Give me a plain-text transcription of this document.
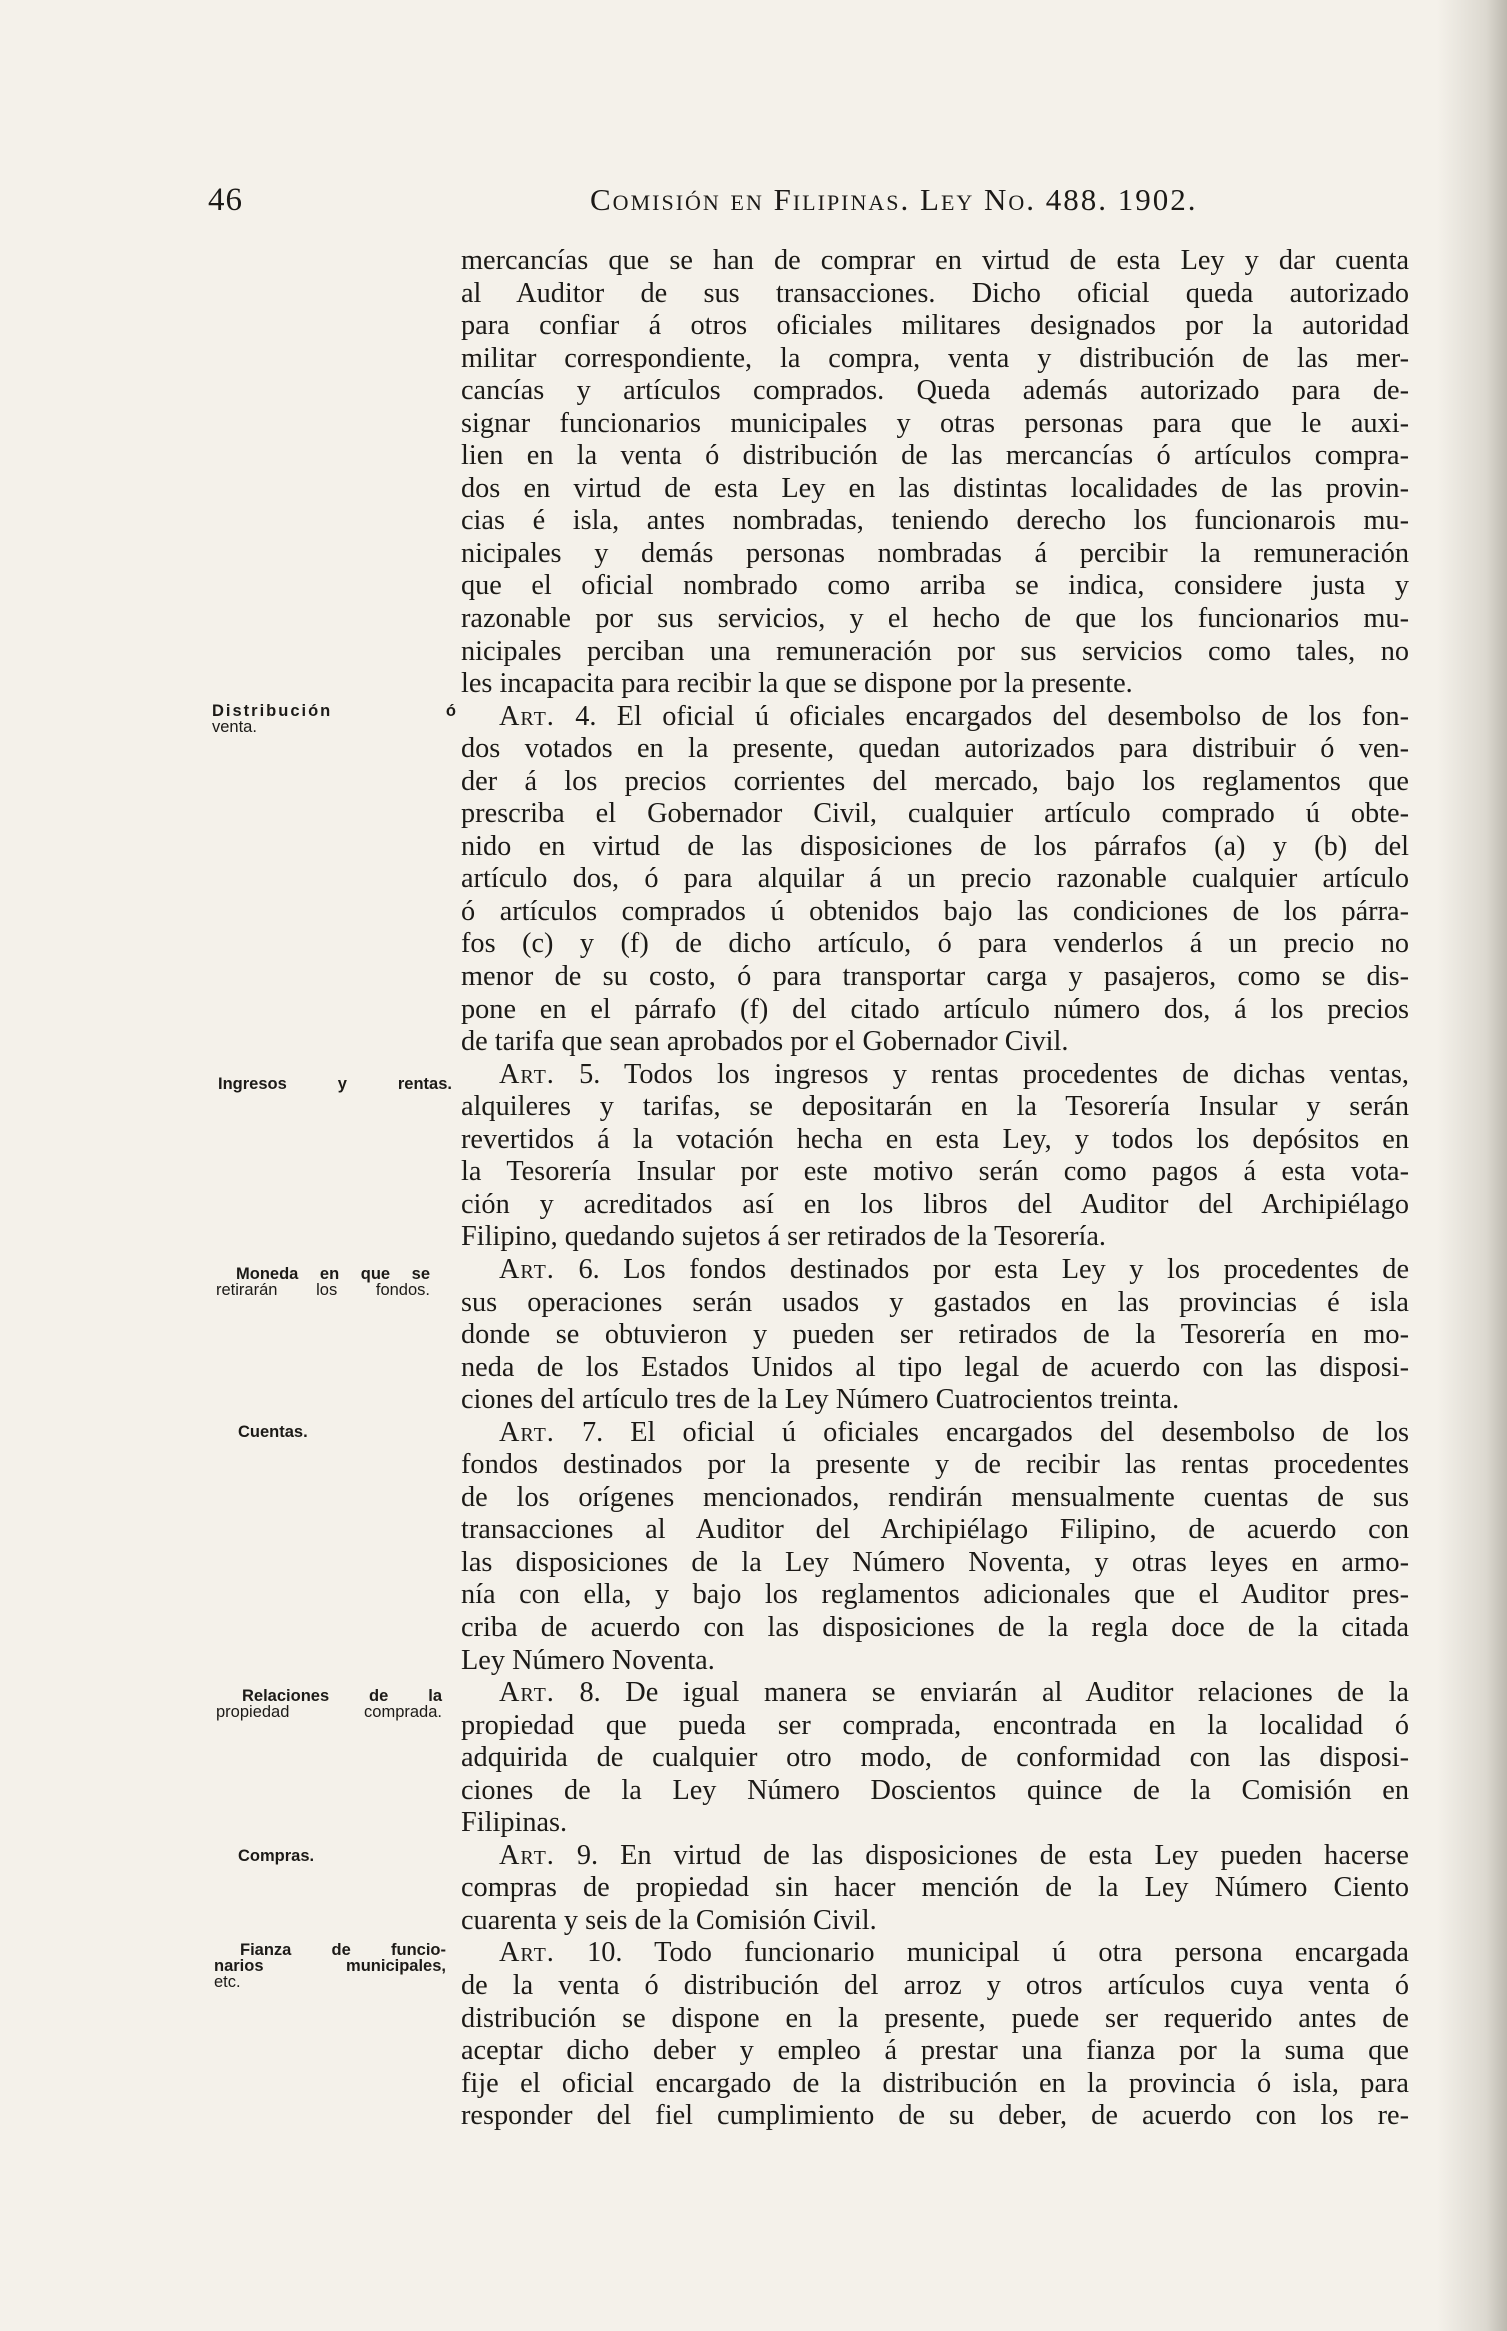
46	Comisión en Filipinas. Ley No. 488. 1902.
Distribución ó
venta.
Ingresos y rentas.
Moneda en que se
retirarán los fondos.
Cuentas.
Relaciones de la
propiedad comprada.
Compras.
Fianza de funcio-
narios municipales,
etc.
mercancías que se han de comprar en virtud de esta Ley y dar cuenta
al Auditor de sus transacciones. Dicho oficial queda autorizado
para confiar á otros oficiales militares designados por la autoridad
militar correspondiente, la compra, venta y distribución de las mer-
cancías y artículos comprados. Queda además autorizado para de-
signar funcionarios municipales y otras personas para que le auxi-
lien en la venta ó distribución de las mercancías ó artículos compra-
dos en virtud de esta Ley en las distintas localidades de las provin-
cias é isla, antes nombradas, teniendo derecho los funcionarois mu-
nicipales y demás personas nombradas á percibir la remuneración
que el oficial nombrado como arriba se indica, considere justa y
razonable por sus servicios, y el hecho de que los funcionarios mu-
nicipales perciban una remuneración por sus servicios como tales, no
les incapacita para recibir la que se dispone por la presente.
Art. 4. El oficial ú oficiales encargados del desembolso de los fon-
dos votados en la presente, quedan autorizados para distribuir ó ven-
der á los precios corrientes del mercado, bajo los reglamentos que
prescriba el Gobernador Civil, cualquier artículo comprado ú obte-
nido en virtud de las disposiciones de los párrafos (a) y (b) del
artículo dos, ó para alquilar á un precio razonable cualquier artículo
ó artículos comprados ú obtenidos bajo las condiciones de los párra-
fos (c) y (f) de dicho artículo, ó para venderlos á un precio no
menor de su costo, ó para transportar carga y pasajeros, como se dis-
pone en el párrafo (f) del citado artículo número dos, á los precios
de tarifa que sean aprobados por el Gobernador Civil.
Art. 5. Todos los ingresos y rentas procedentes de dichas ventas,
alquileres y tarifas, se depositarán en la Tesorería Insular y serán
revertidos á la votación hecha en esta Ley, y todos los depósitos en
la Tesorería Insular por este motivo serán como pagos á esta vota-
ción y acreditados así en los libros del Auditor del Archipiélago
Filipino, quedando sujetos á ser retirados de la Tesorería.
Art. 6. Los fondos destinados por esta Ley y los procedentes de
sus operaciones serán usados y gastados en las provincias é isla
donde se obtuvieron y pueden ser retirados de la Tesorería en mo-
neda de los Estados Unidos al tipo legal de acuerdo con las disposi-
ciones del artículo tres de la Ley Número Cuatrocientos treinta.
Art. 7. El oficial ú oficiales encargados del desembolso de los
fondos destinados por la presente y de recibir las rentas procedentes
de los orígenes mencionados, rendirán mensualmente cuentas de sus
transacciones al Auditor del Archipiélago Filipino, de acuerdo con
las disposiciones de la Ley Número Noventa, y otras leyes en armo-
nía con ella, y bajo los reglamentos adicionales que el Auditor pres-
criba de acuerdo con las disposiciones de la regla doce de la citada
Ley Número Noventa.
Art. 8. De igual manera se enviarán al Auditor relaciones de la
propiedad que pueda ser comprada, encontrada en la localidad ó
adquirida de cualquier otro modo, de conformidad con las disposi-
ciones de la Ley Número Doscientos quince de la Comisión en
Filipinas.
Art. 9. En virtud de las disposiciones de esta Ley pueden hacerse
compras de propiedad sin hacer mención de la Ley Número Ciento
cuarenta y seis de la Comisión Civil.
Art. 10. Todo funcionario municipal ú otra persona encargada
de la venta ó distribución del arroz y otros artículos cuya venta ó
distribución se dispone en la presente, puede ser requerido antes de
aceptar dicho deber y empleo á prestar una fianza por la suma que
fije el oficial encargado de la distribución en la provincia ó isla, para
responder del fiel cumplimiento de su deber, de acuerdo con los re-
